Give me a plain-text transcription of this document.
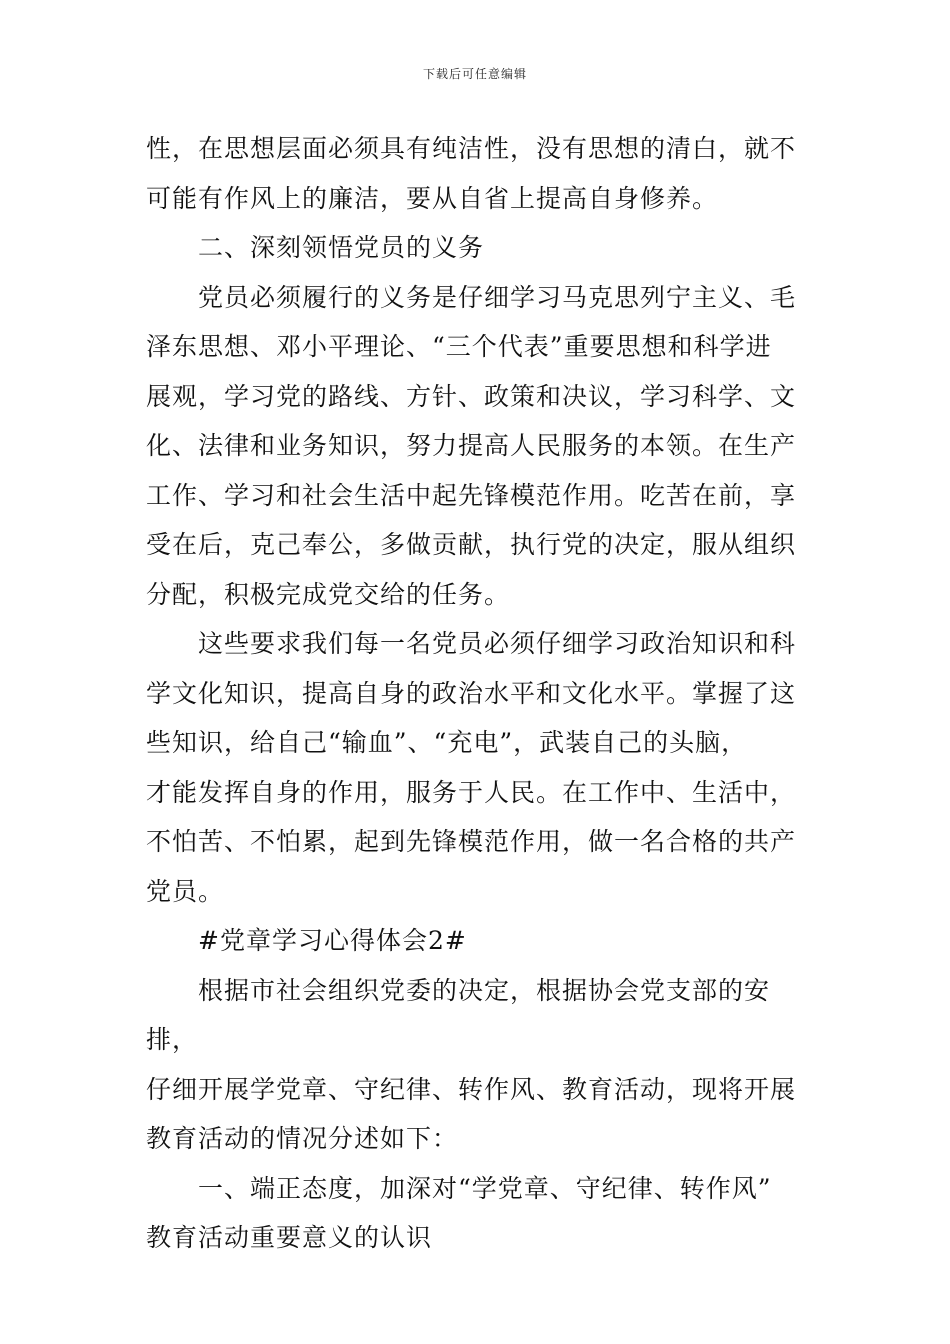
下载后可任意编辑

性，在思想层面必须具有纯洁性，没有思想的清白，就不

可能有作风上的廉洁，要从自省上提高自身修养。

二、深刻领悟党员的义务

党员必须履行的义务是仔细学习马克思列宁主义、毛

泽东思想、邓小平理论、“三个代表”重要思想和科学进

展观，学习党的路线、方针、政策和决议，学习科学、文

化、法律和业务知识，努力提高人民服务的本领。在生产

工作、学习和社会生活中起先锋模范作用。吃苦在前，享

受在后，克己奉公，多做贡献，执行党的决定，服从组织

分配，积极完成党交给的任务。

这些要求我们每一名党员必须仔细学习政治知识和科

学文化知识，提高自身的政治水平和文化水平。掌握了这

些知识，给自己“输血”、“充电”，武装自己的头脑，

才能发挥自身的作用，服务于人民。在工作中、生活中，

不怕苦、不怕累，起到先锋模范作用，做一名合格的共产

党员。

#党章学习心得体会2#

根据市社会组织党委的决定，根据协会党支部的安排，

仔细开展学党章、守纪律、转作风、教育活动，现将开展

教育活动的情况分述如下：

一、端正态度，加深对“学党章、守纪律、转作风”

教育活动重要意义的认识
